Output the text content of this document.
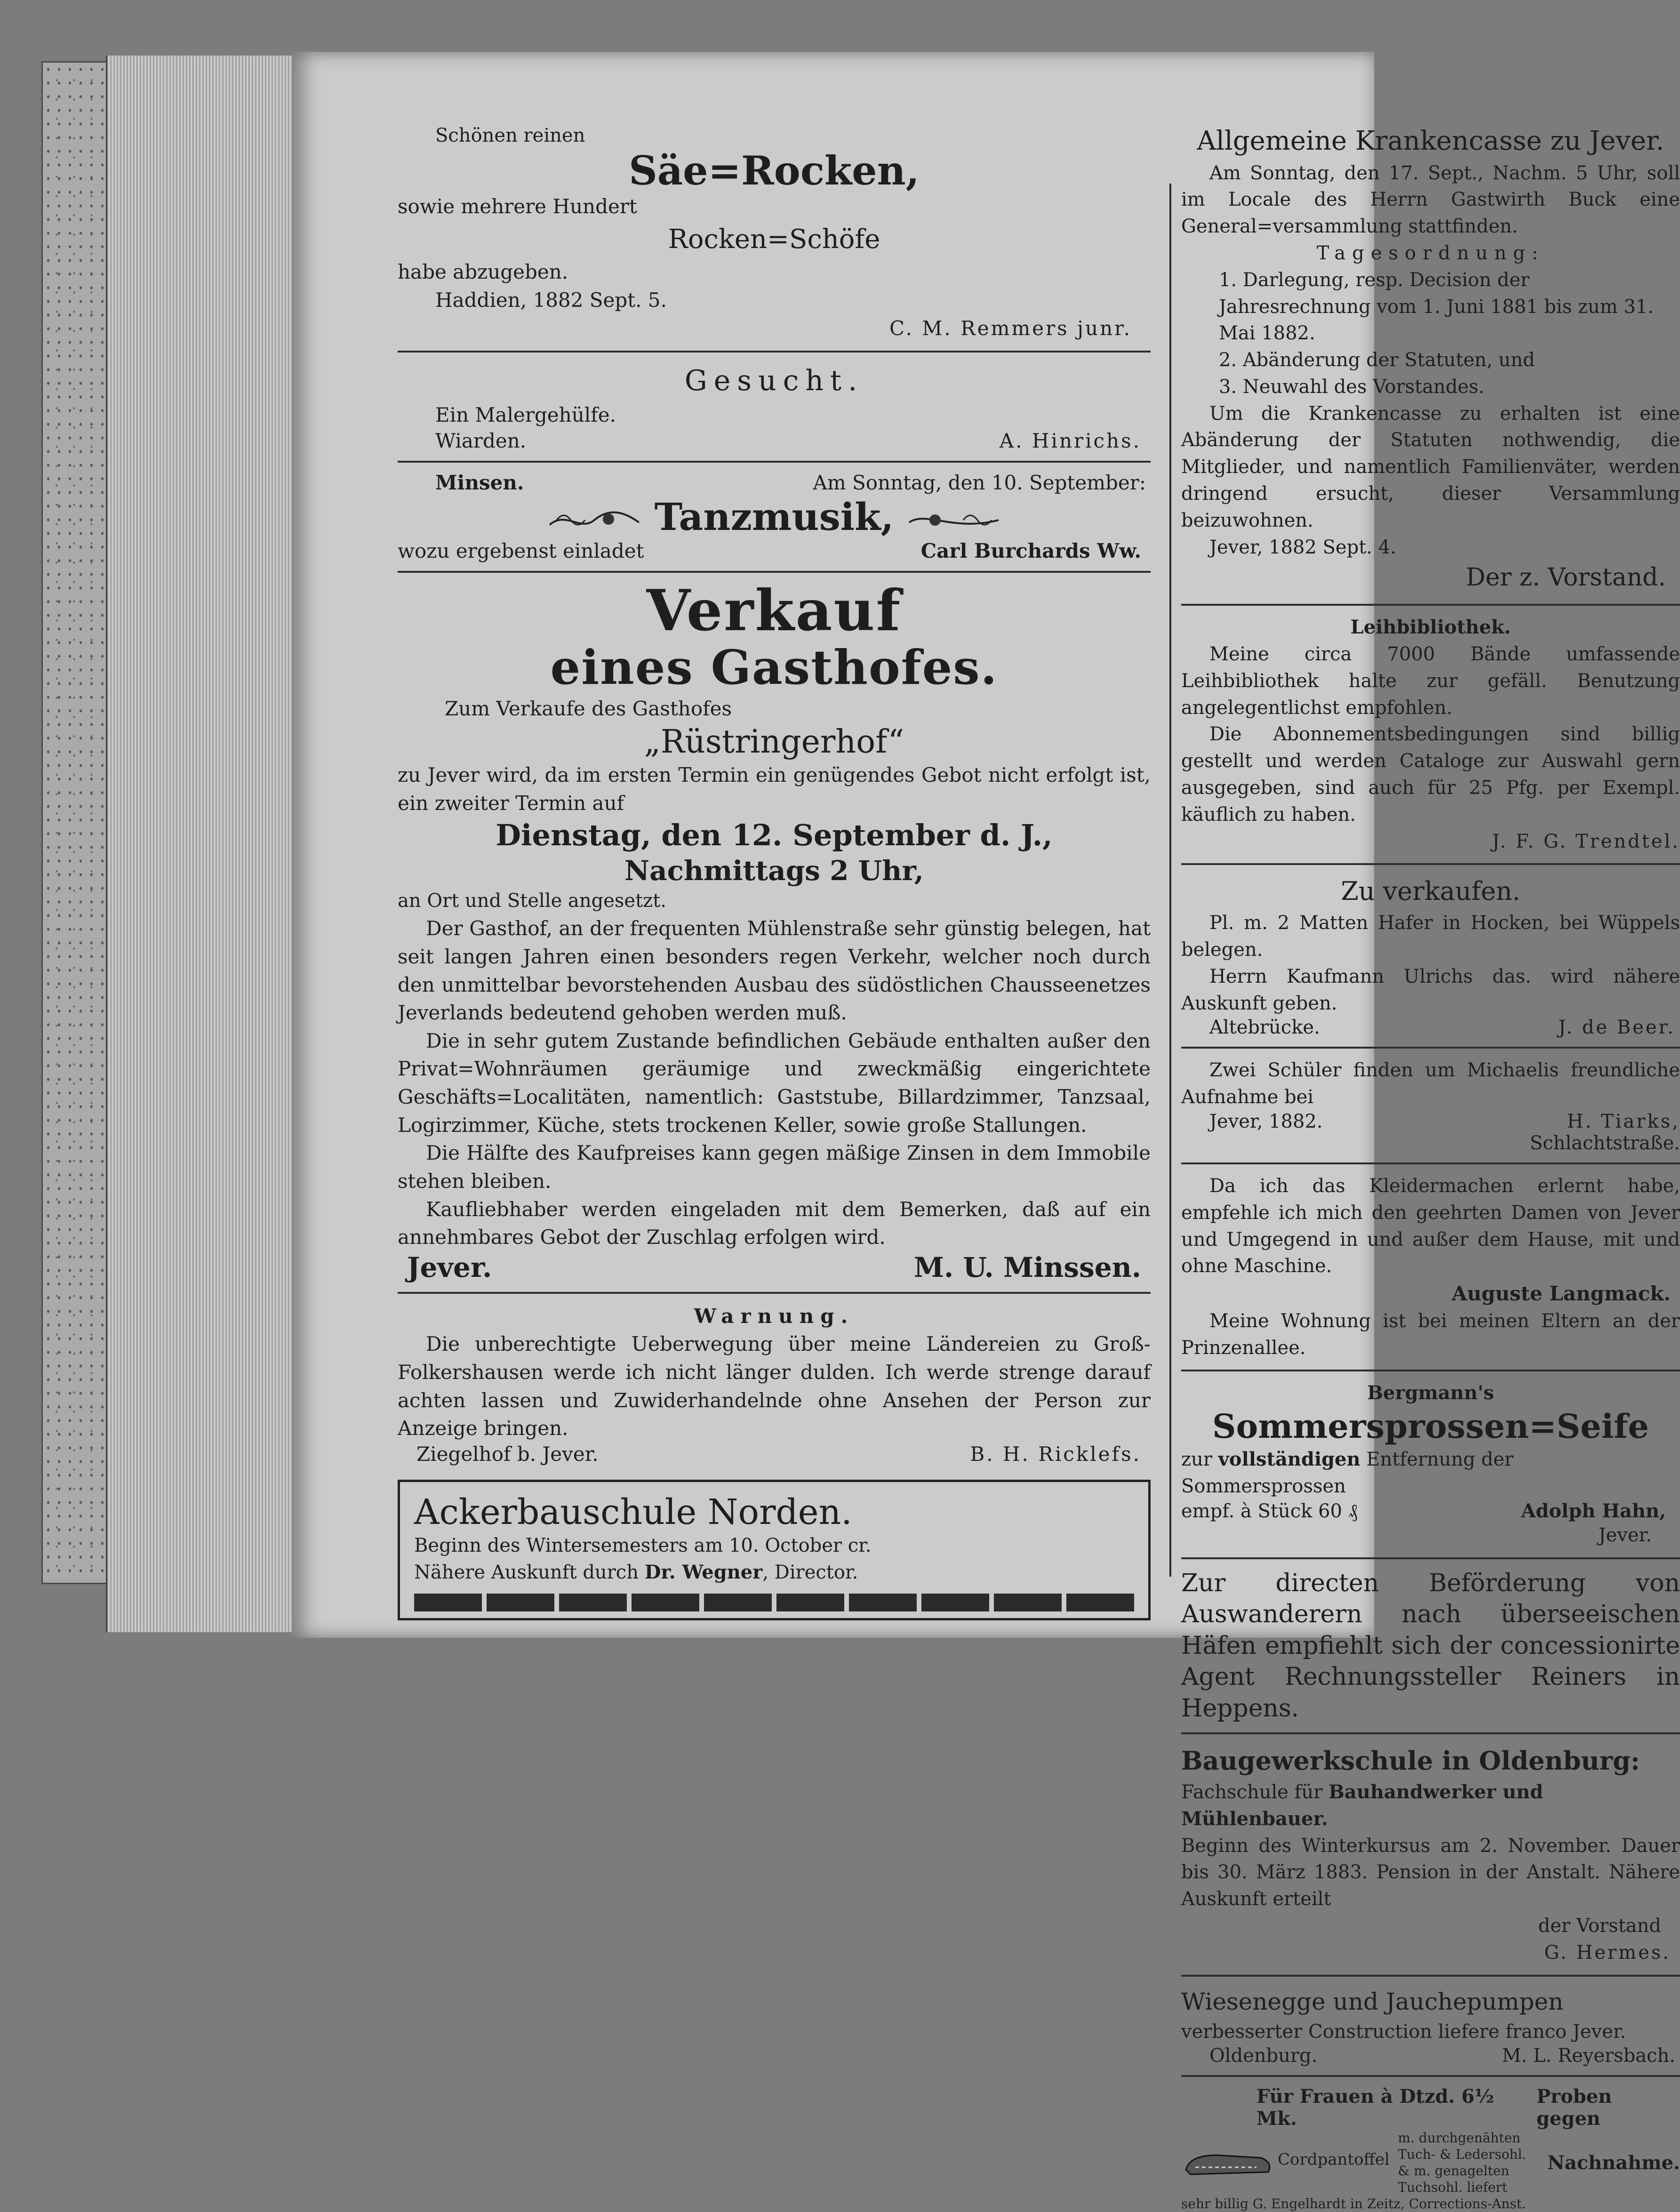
Schönen reinen

Säe=Rocken,

sowie mehrere Hundert

Rocken=Schöfe

habe abzugeben.

Haddien, 1882 Sept. 5.

C. M. Remmers junr.

Gesucht.

Ein Malergehülfe.

Wiarden.	A. Hinrichs.
Minsen.	Am Sonntag, den 10. September:

Tanzmusik,

wozu ergebenst einladet	Carl Burchards Ww.

Verkauf

eines Gasthofes.

Zum Verkaufe des Gasthofes

„Rüstringerhof“

zu Jever wird, da im ersten Termin ein genügendes Gebot nicht erfolgt ist, ein zweiter Termin auf

Dienstag, den 12. September d. J.,

Nachmittags 2 Uhr,

an Ort und Stelle angesetzt.

Der Gasthof, an der frequenten Mühlenstraße sehr günstig belegen, hat seit langen Jahren einen besonders regen Verkehr, welcher noch durch den unmittelbar bevorstehenden Ausbau des südöstlichen Chausseenetzes Jeverlands bedeutend gehoben werden muß.

Die in sehr gutem Zustande befindlichen Gebäude enthalten außer den Privat=Wohnräumen geräumige und zweckmäßig eingerichtete Geschäfts=Localitäten, namentlich: Gaststube, Billardzimmer, Tanzsaal, Logirzimmer, Küche, stets trockenen Keller, sowie große Stallungen.

Die Hälfte des Kaufpreises kann gegen mäßige Zinsen in dem Immobile stehen bleiben.

Kaufliebhaber werden eingeladen mit dem Bemerken, daß auf ein annehmbares Gebot der Zuschlag erfolgen wird.

Jever.	M. U. Minssen.

Warnung.

Die unberechtigte Ueberwegung über meine Ländereien zu Groß-Folkershausen werde ich nicht länger dulden. Ich werde strenge darauf achten lassen und Zuwiderhandelnde ohne Ansehen der Person zur Anzeige bringen.

Ziegelhof b. Jever.	B. H. Ricklefs.

Ackerbauschule Norden.

Beginn des Wintersemesters am 10. October cr.

Nähere Auskunft durch Dr. Wegner, Director.

Allgemeine Krankencasse zu Jever.

Am Sonntag, den 17. Sept., Nachm. 5 Uhr, soll im Locale des Herrn Gastwirth Buck eine General=versammlung stattfinden.

Tagesordnung:

1. Darlegung, resp. Decision der Jahresrechnung vom 1. Juni 1881 bis zum 31. Mai 1882.

2. Abänderung der Statuten, und

3. Neuwahl des Vorstandes.

Um die Krankencasse zu erhalten ist eine Abänderung der Statuten nothwendig, die Mitglieder, und namentlich Familienväter, werden dringend ersucht, dieser Versammlung beizuwohnen.

Jever, 1882 Sept. 4.

Der z. Vorstand.

Leihbibliothek.

Meine circa 7000 Bände umfassende Leihbibliothek halte zur gefäll. Benutzung angelegentlichst empfohlen.

Die Abonnementsbedingungen sind billig gestellt und werden Cataloge zur Auswahl gern ausgegeben, sind auch für 25 Pfg. per Exempl. käuflich zu haben.

J. F. G. Trendtel.

Zu verkaufen.

Pl. m. 2 Matten Hafer in Hocken, bei Wüppels belegen.

Herrn Kaufmann Ulrichs das. wird nähere Auskunft geben.

Altebrücke.	J. de Beer.

Zwei Schüler finden um Michaelis freundliche Aufnahme bei

Jever, 1882.	H. Tiarks,
Schlachtstraße.

Da ich das Kleidermachen erlernt habe, empfehle ich mich den geehrten Damen von Jever und Umgegend in und außer dem Hause, mit und ohne Maschine.

Auguste Langmack.

Meine Wohnung ist bei meinen Eltern an der Prinzenallee.

Bergmann's

Sommersprossen=Seife

zur vollständigen Entfernung der Sommersprossen

empf. à Stück 60 ₰	Adolph Hahn,

Jever.

Zur directen Beförderung von Auswanderern nach überseeischen Häfen empfiehlt sich der concessionirte Agent Rechnungssteller Reiners in Heppens.

Baugewerkschule in Oldenburg:

Fachschule für Bauhandwerker und Mühlenbauer.

Beginn des Winterkursus am 2. November. Dauer bis 30. März 1883. Pension in der Anstalt. Nähere Auskunft erteilt

der Vorstand

G. Hermes.

Wiesenegge und Jauchepumpen

verbesserter Construction liefere franco Jever.

Oldenburg.	M. L. Reyersbach.
Für Frauen à Dtzd. 6½ Mk.
Proben gegen
Cordpantoffel
m. durchgenähten
Tuch- & Ledersohl.
& m. genagelten Tuchsohl. liefert
Nachnahme.

sehr billig G. Engelhardt in Zeitz, Corrections-Anst.
